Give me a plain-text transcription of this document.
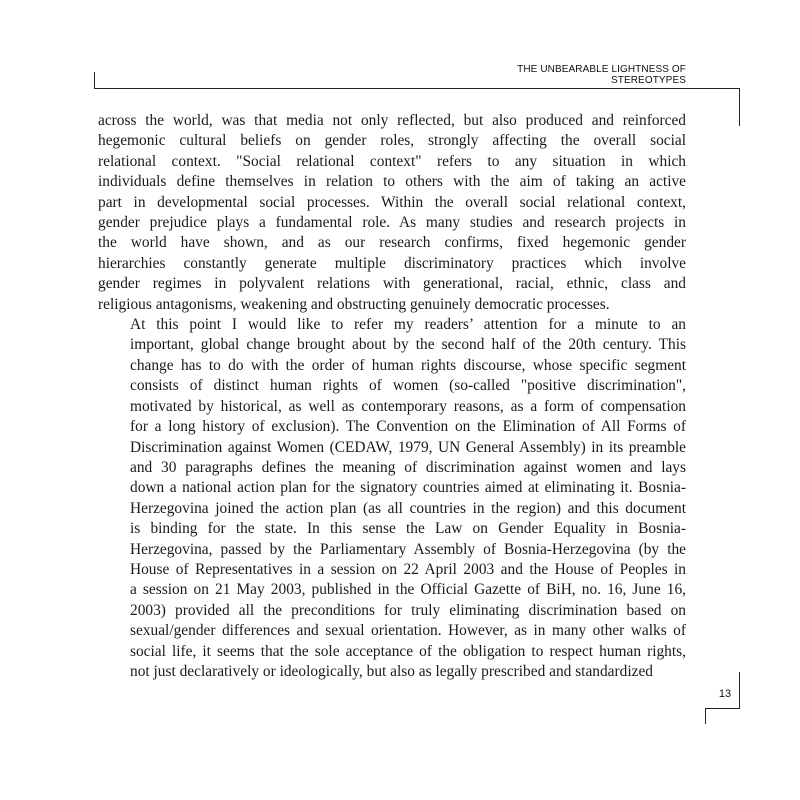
THE UNBEARABLE LIGHTNESS OF
STEREOTYPES

across the world, was that media not only reflected, but also produced and reinforced
hegemonic cultural beliefs on gender roles, strongly affecting the overall social
relational context. "Social relational context" refers to any situation in which
individuals define themselves in relation to others with the aim of taking an active
part in developmental social processes. Within the overall social relational context,
gender prejudice plays a fundamental role. As many studies and research projects in
the world have shown, and as our research confirms, fixed hegemonic gender
hierarchies constantly generate multiple discriminatory practices which involve
gender regimes in polyvalent relations with generational, racial, ethnic, class and
religious antagonisms, weakening and obstructing genuinely democratic processes.

At this point I would like to refer my readers’ attention for a minute to an
important, global change brought about by the second half of the 20th century. This
change has to do with the order of human rights discourse, whose specific segment
consists of distinct human rights of women (so-called "positive discrimination",
motivated by historical, as well as contemporary reasons, as a form of compensation
for a long history of exclusion). The Convention on the Elimination of All Forms of
Discrimination against Women (CEDAW, 1979, UN General Assembly) in its preamble
and 30 paragraphs defines the meaning of discrimination against women and lays
down a national action plan for the signatory countries aimed at eliminating it. Bosnia-
Herzegovina joined the action plan (as all countries in the region) and this document
is binding for the state. In this sense the Law on Gender Equality in Bosnia-
Herzegovina, passed by the Parliamentary Assembly of Bosnia-Herzegovina (by the
House of Representatives in a session on 22 April 2003 and the House of Peoples in
a session on 21 May 2003, published in the Official Gazette of BiH, no. 16, June 16,
2003) provided all the preconditions for truly eliminating discrimination based on
sexual/gender differences and sexual orientation. However, as in many other walks of
social life, it seems that the sole acceptance of the obligation to respect human rights,
not just declaratively or ideologically, but also as legally prescribed and standardized

13
